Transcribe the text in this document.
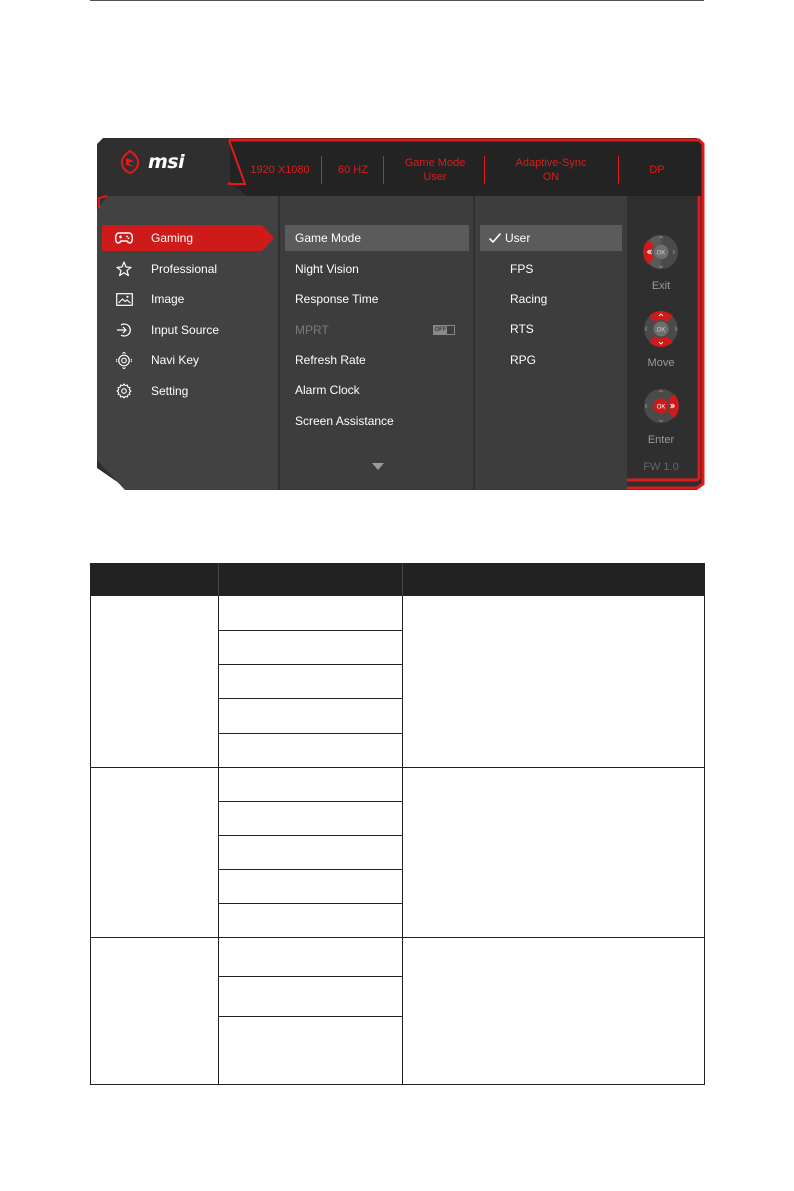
msi	1920 X1080	60 HZ
Game Mode
User
Adaptive-Sync
ON
DP
Gaming
Professional
Image
Input Source
Navi Key
Setting
Game Mode
Night Vision
Response Time
MPRT	OFF
Refresh Rate
Alarm Clock
Screen Assistance
User
FPS
Racing
RTS
RPG
OK
Exit
OK
Move
OK
Enter
FW 1.0
